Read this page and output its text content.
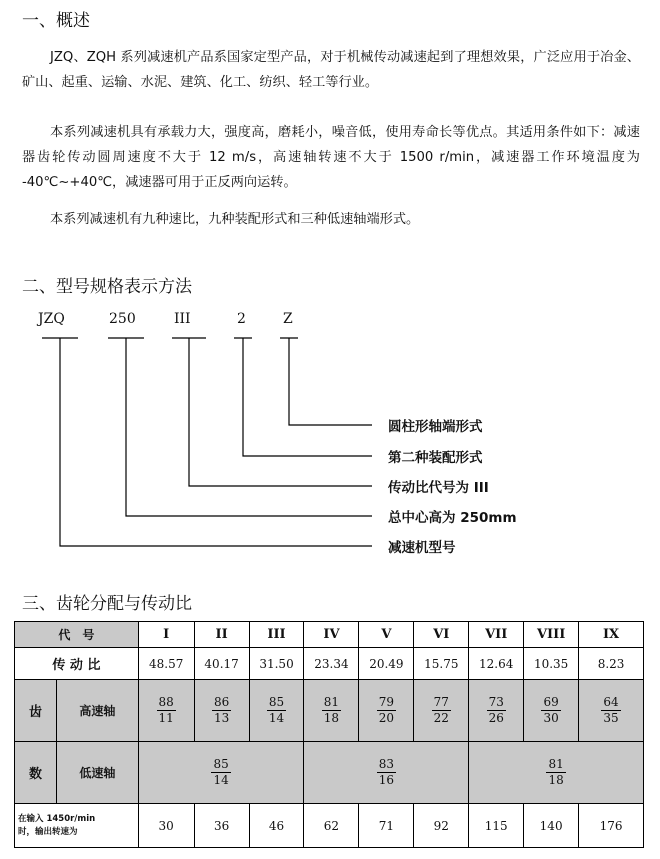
一、概述

JZQ、ZQH 系列减速机产品系国家定型产品，对于机械传动减速起到了理想效果，广泛应用于冶金、矿山、起重、运输、水泥、建筑、化工、纺织、轻工等行业。

本系列减速机具有承载力大，强度高，磨耗小，噪音低，使用寿命长等优点。其适用条件如下：减速器齿轮传动圆周速度不大于 12 m/s，高速轴转速不大于 1500 r/min，减速器工作环境温度为 -40℃~+40℃，减速器可用于正反两向运转。

本系列减速机有九种速比，九种装配形式和三种低速轴端形式。

二、型号规格表示方法
JZQ	250	III	2	Z
圆柱形轴端形式
第二种装配形式
传动比代号为 III
总中心高为 250mm
减速机型号
三、齿轮分配与传动比
代　号		I	II	III	IV	V	VI	VII	VIII	IX
传 动 比		48.57	40.17	31.50	23.34	20.49	15.75	12.64	10.35	8.23
齿	高速轴	$\frac{88}{11}$	$\frac{86}{13}$	$\frac{85}{14}$	$\frac{81}{18}$	$\frac{79}{20}$	$\frac{77}{22}$	$\frac{73}{26}$	$\frac{69}{30}$	$\frac{64}{35}$

数	低速轴	$\frac{85}{14}$			$\frac{83}{16}$			$\frac{81}{18}$

在输入 1450r/min
时，输出转速为		30	36	46	62	71	92	115	140	176
